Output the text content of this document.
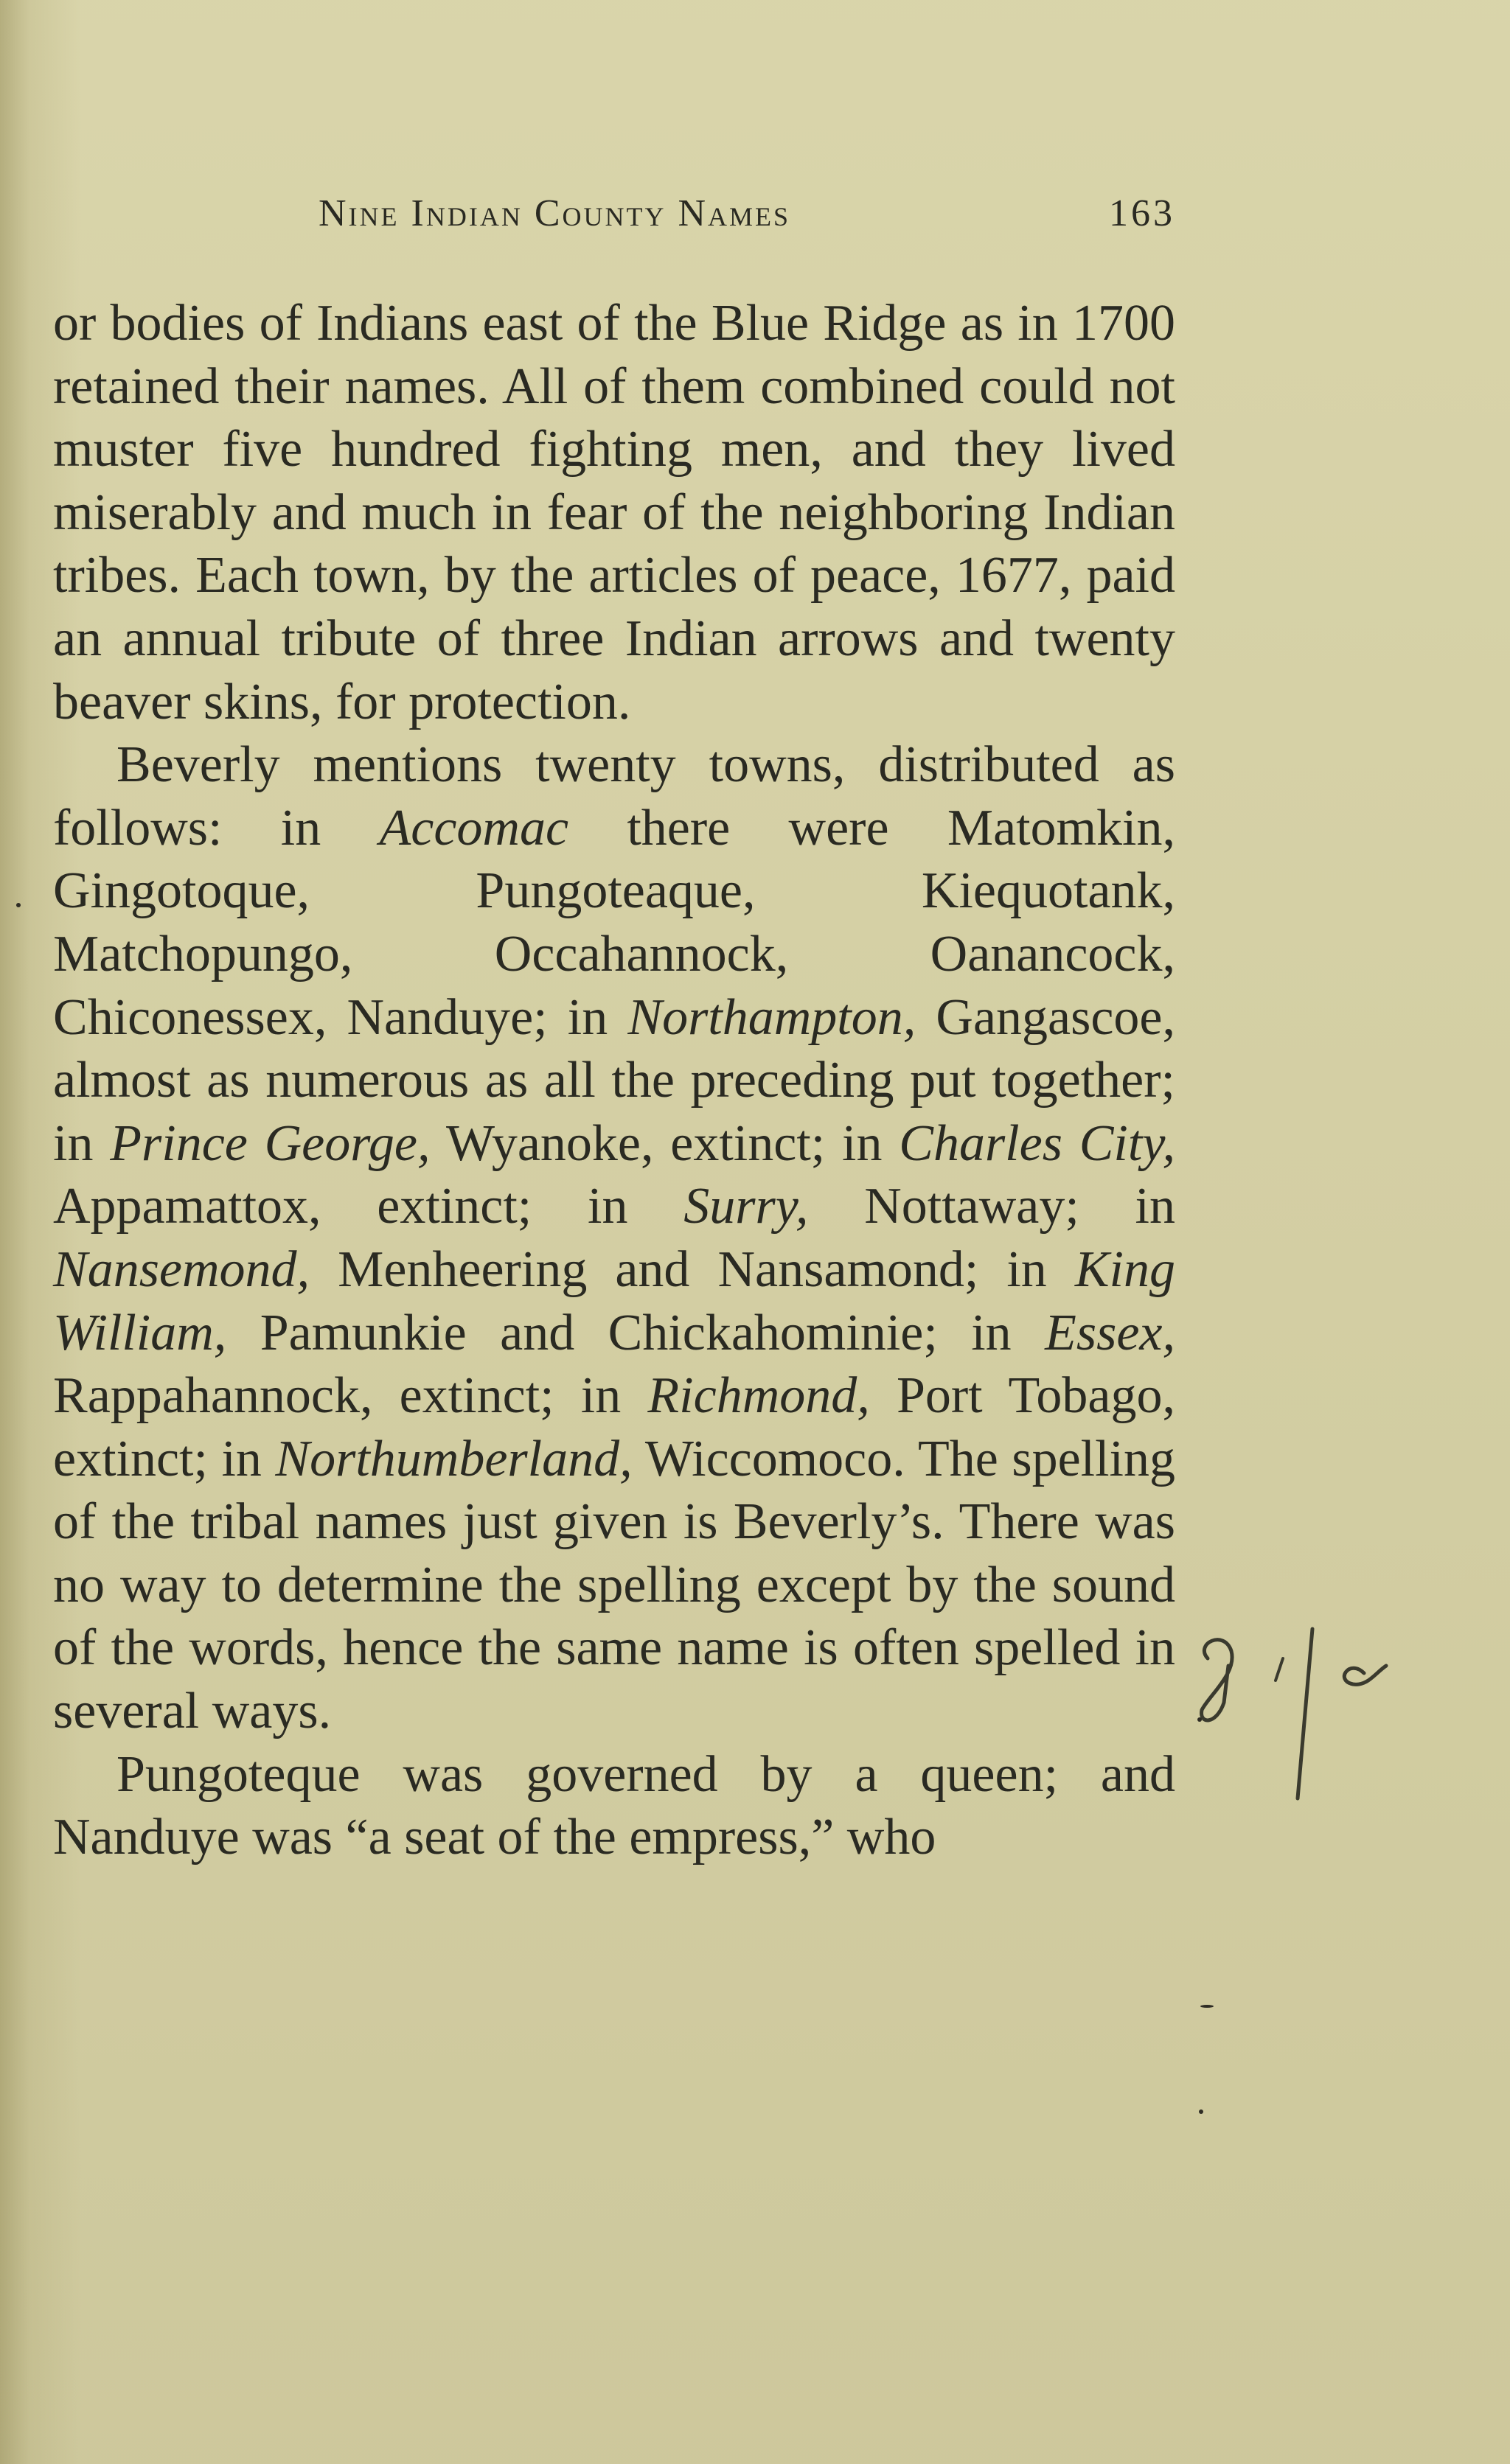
Nine Indian County Names	163

or bodies of Indians east of the Blue Ridge as in 1700 retained their names. All of them combined could not muster five hundred fighting men, and they lived miserably and much in fear of the neighboring Indian tribes. Each town, by the articles of peace, 1677, paid an annual tribute of three Indian arrows and twenty beaver skins, for protection.

Beverly mentions twenty towns, distributed as follows: in Accomac there were Matomkin, Gingotoque, Pungoteaque, Kiequotank, Matchopungo, Occahannock, Oanancock, Chiconessex, Nanduye; in Northampton, Gangascoe, almost as numerous as all the preceding put together; in Prince George, Wyanoke, extinct; in Charles City, Appamattox, extinct; in Surry, Nottaway; in Nansemond, Menheering and Nansamond; in King William, Pamunkie and Chickahominie; in Essex, Rappahannock, extinct; in Richmond, Port Tobago, extinct; in Northumberland, Wiccomoco. The spelling of the tribal names just given is Beverly’s. There was no way to determine the spelling except by the sound of the words, hence the same name is often spelled in several ways.

Pungoteque was governed by a queen; and Nanduye was “a seat of the empress,” who
